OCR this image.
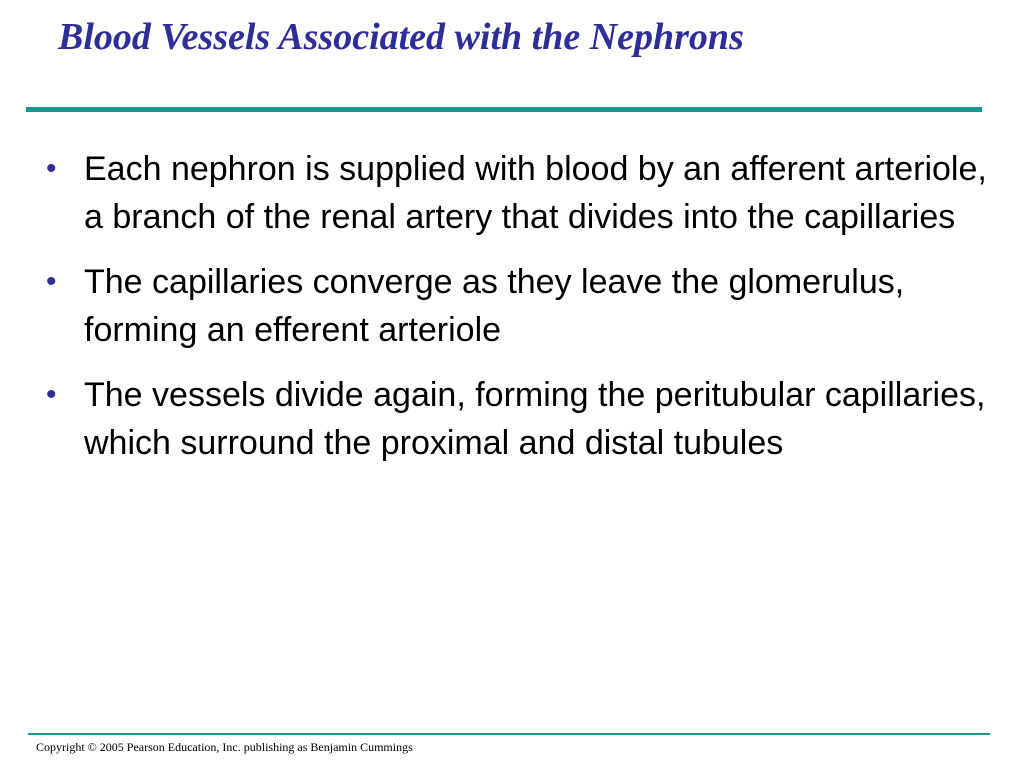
Blood Vessels Associated with the Nephrons
• Each nephron is supplied with blood by an afferent arteriole, a branch of the renal artery that divides into the capillaries
• The capillaries converge as they leave the glomerulus, forming an efferent arteriole
• The vessels divide again, forming the peritubular capillaries, which surround the proximal and distal tubules

Copyright © 2005 Pearson Education, Inc. publishing as Benjamin Cummings
